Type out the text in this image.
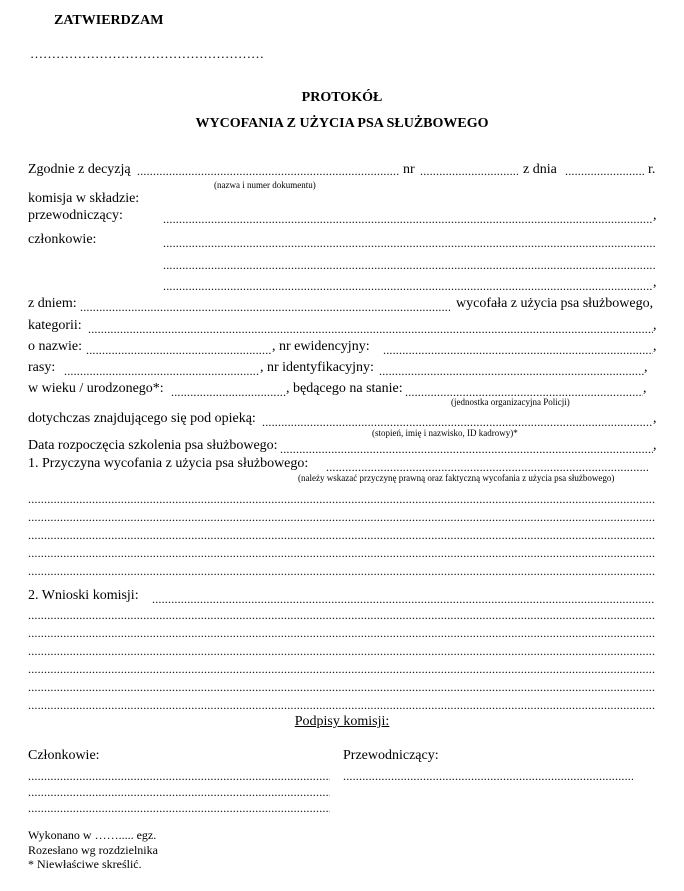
ZATWIERDZAM
………………………………………………
PROTOKÓŁ
WYCOFANIA Z UŻYCIA PSA SŁUŻBOWEGO
Zgodnie z decyzją .....	nr .....	z dnia .....	r.
(nazwa i numer dokumentu)
komisja w składzie:
przewodniczący: .....	,
członkowie:
.....
.....
.....
,
z dniem: .....	wycofała z użycia psa służbowego,
kategorii: .....	,
o nazwie: .....	, nr ewidencyjny: .....	,
rasy: .....	, nr identyfikacyjny: .....	,
w wieku / urodzonego*: .....	, będącego na stanie: .....	,
(jednostka organizacyjna Policji)
dotychczas znajdującego się pod opieką: .....	,
(stopień, imię i nazwisko, ID kadrowy)*
Data rozpoczęcia szkolenia psa służbowego: .....	,
1. Przyczyna wycofania z użycia psa służbowego:
.....
(należy wskazać przyczynę prawną oraz faktyczną wycofania z użycia psa służbowego)
.....
.....
.....
.....
.....
2. Wnioski komisji:
.....
.....
.....
.....
.....
.....
.....
Podpisy komisji:
Członkowie:	Przewodniczący:
.....
.....
.....
.....
Wykonano w ……..... egz.
Rozesłano wg rozdzielnika
* Niewłaściwe skreślić.
